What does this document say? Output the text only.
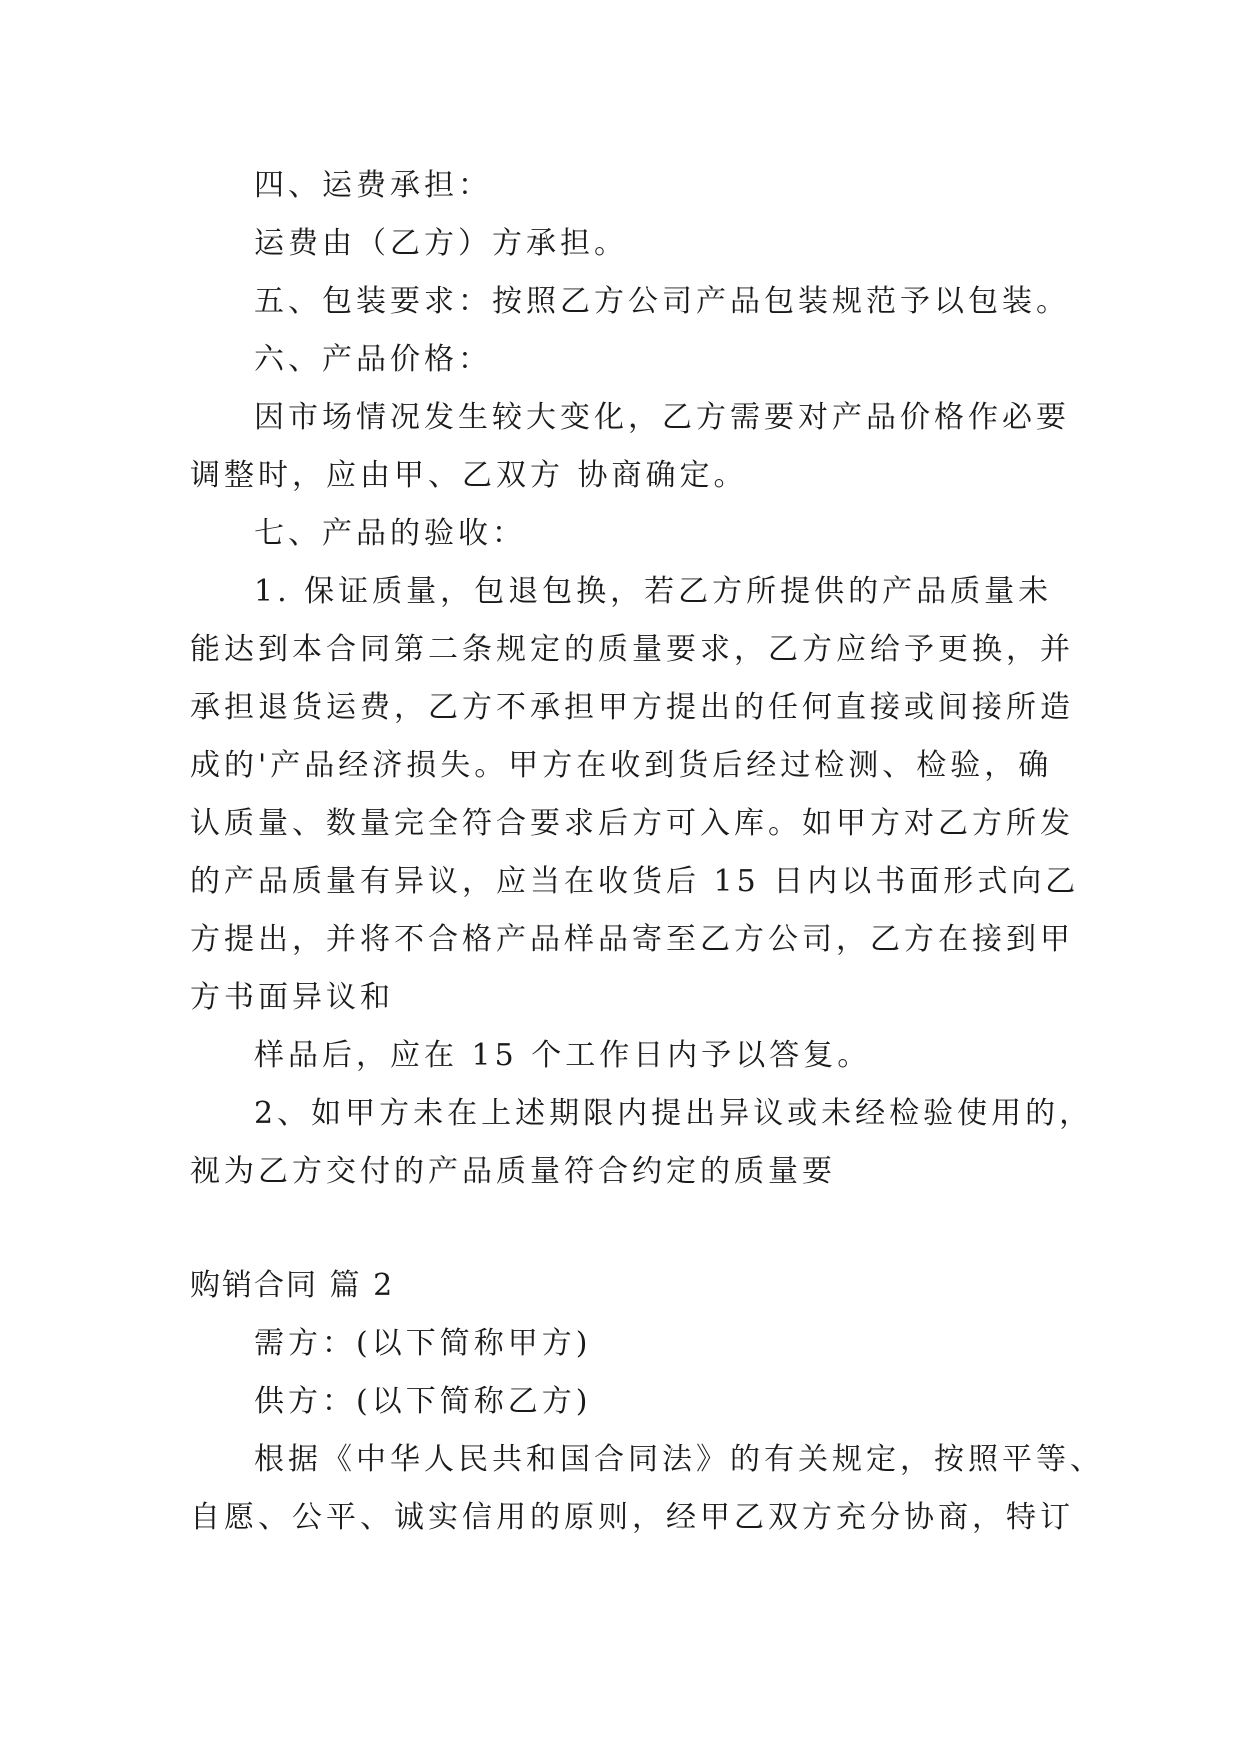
四、运费承担：
运费由（乙方）方承担。
五、包装要求：按照乙方公司产品包装规范予以包装。
六、产品价格：
因市场情况发生较大变化，乙方需要对产品价格作必要
调整时，应由甲、乙双方 协商确定。
七、产品的验收：
1. 保证质量，包退包换，若乙方所提供的产品质量未
能达到本合同第二条规定的质量要求，乙方应给予更换，并
承担退货运费，乙方不承担甲方提出的任何直接或间接所造
成的'产品经济损失。甲方在收到货后经过检测、检验，确
认质量、数量完全符合要求后方可入库。如甲方对乙方所发
的产品质量有异议，应当在收货后 15 日内以书面形式向乙
方提出，并将不合格产品样品寄至乙方公司，乙方在接到甲
方书面异议和
样品后，应在 15 个工作日内予以答复。
2、如甲方未在上述期限内提出异议或未经检验使用的，
视为乙方交付的产品质量符合约定的质量要
购销合同 篇 2
需方：(以下简称甲方)
供方：(以下简称乙方)
根据《中华人民共和国合同法》的有关规定，按照平等、
自愿、公平、诚实信用的原则，经甲乙双方充分协商，特订
